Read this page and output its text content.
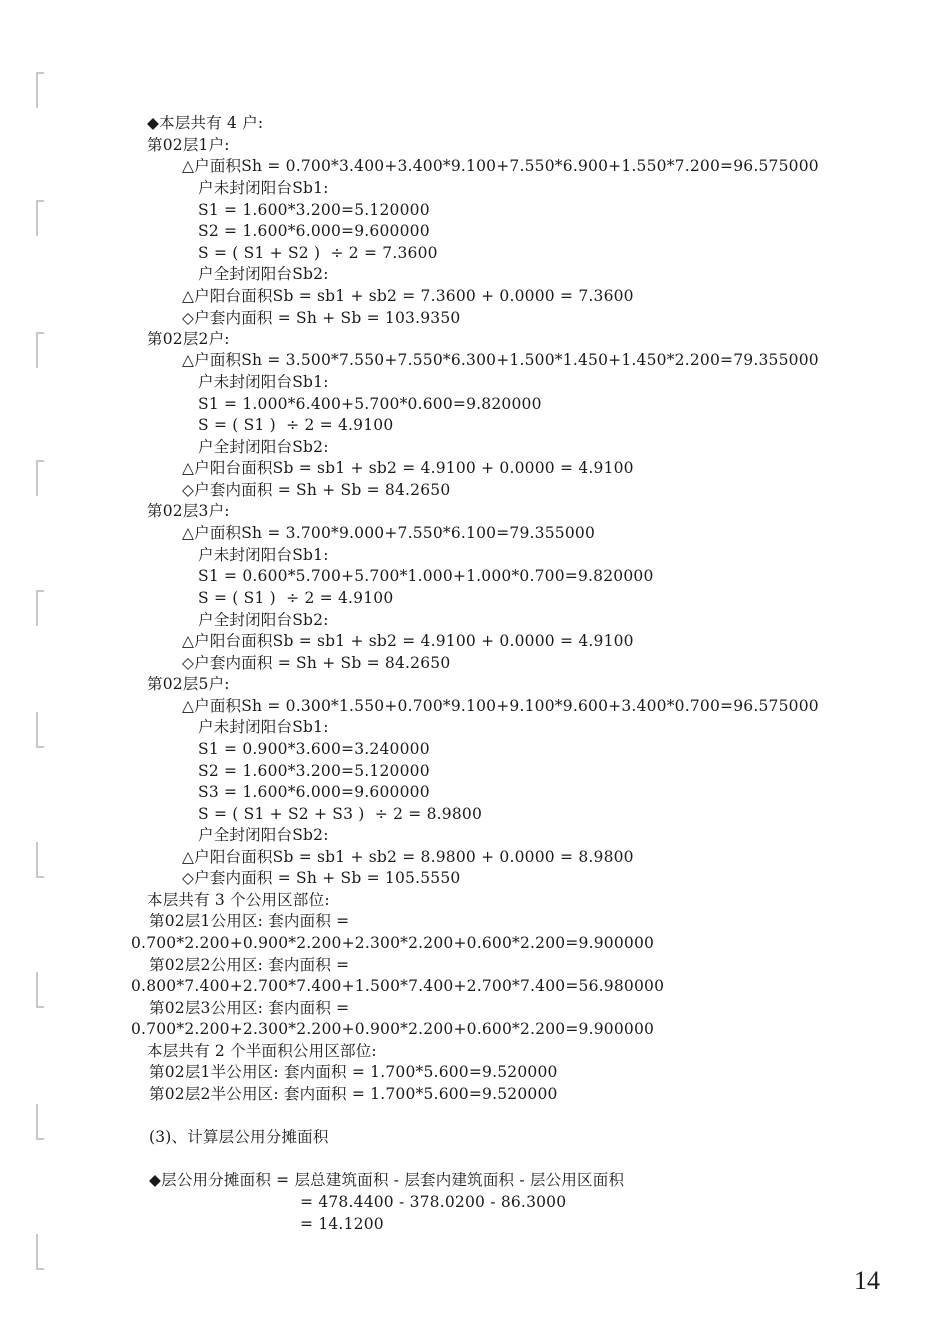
◆本层共有 4 户:
第02层1户:
△户面积Sh = 0.700*3.400+3.400*9.100+7.550*6.900+1.550*7.200=96.575000
户未封闭阳台Sb1:
S1 = 1.600*3.200=5.120000
S2 = 1.600*6.000=9.600000
S = ( S1 + S2 )  ÷ 2 = 7.3600
户全封闭阳台Sb2:
△户阳台面积Sb = sb1 + sb2 = 7.3600 + 0.0000 = 7.3600
◇户套内面积 = Sh + Sb = 103.9350
第02层2户:
△户面积Sh = 3.500*7.550+7.550*6.300+1.500*1.450+1.450*2.200=79.355000
户未封闭阳台Sb1:
S1 = 1.000*6.400+5.700*0.600=9.820000
S = ( S1 )  ÷ 2 = 4.9100
户全封闭阳台Sb2:
△户阳台面积Sb = sb1 + sb2 = 4.9100 + 0.0000 = 4.9100
◇户套内面积 = Sh + Sb = 84.2650
第02层3户:
△户面积Sh = 3.700*9.000+7.550*6.100=79.355000
户未封闭阳台Sb1:
S1 = 0.600*5.700+5.700*1.000+1.000*0.700=9.820000
S = ( S1 )  ÷ 2 = 4.9100
户全封闭阳台Sb2:
△户阳台面积Sb = sb1 + sb2 = 4.9100 + 0.0000 = 4.9100
◇户套内面积 = Sh + Sb = 84.2650
第02层5户:
△户面积Sh = 0.300*1.550+0.700*9.100+9.100*9.600+3.400*0.700=96.575000
户未封闭阳台Sb1:
S1 = 0.900*3.600=3.240000
S2 = 1.600*3.200=5.120000
S3 = 1.600*6.000=9.600000
S = ( S1 + S2 + S3 )  ÷ 2 = 8.9800
户全封闭阳台Sb2:
△户阳台面积Sb = sb1 + sb2 = 8.9800 + 0.0000 = 8.9800
◇户套内面积 = Sh + Sb = 105.5550
本层共有 3 个公用区部位:
第02层1公用区: 套内面积 =
0.700*2.200+0.900*2.200+2.300*2.200+0.600*2.200=9.900000
第02层2公用区: 套内面积 =
0.800*7.400+2.700*7.400+1.500*7.400+2.700*7.400=56.980000
第02层3公用区: 套内面积 =
0.700*2.200+2.300*2.200+0.900*2.200+0.600*2.200=9.900000
本层共有 2 个半面积公用区部位:
第02层1半公用区: 套内面积 = 1.700*5.600=9.520000
第02层2半公用区: 套内面积 = 1.700*5.600=9.520000
(3)、计算层公用分摊面积
◆层公用分摊面积 = 层总建筑面积 - 层套内建筑面积 - 层公用区面积
= 478.4400 - 378.0200 - 86.3000
= 14.1200
14
